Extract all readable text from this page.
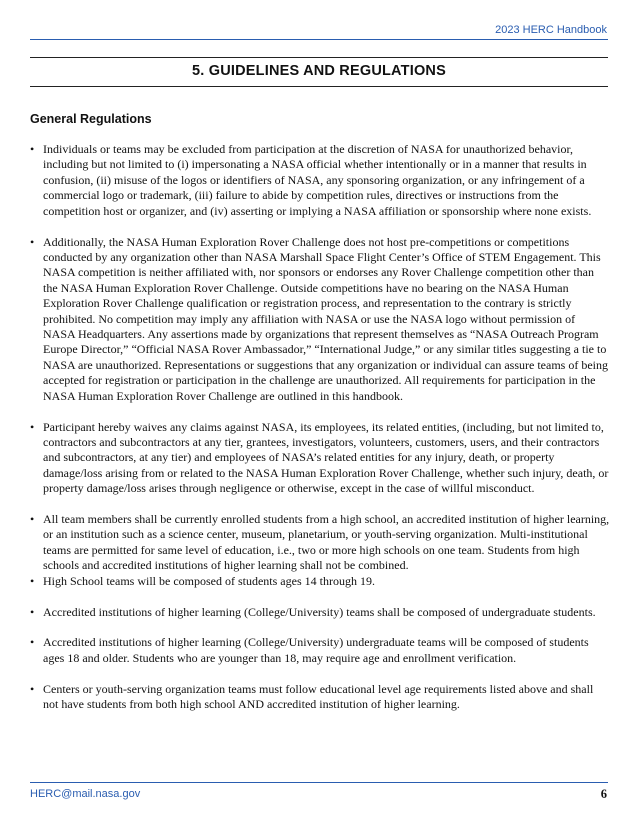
2023 HERC Handbook
5. GUIDELINES AND REGULATIONS
General Regulations
• Individuals or teams may be excluded from participation at the discretion of NASA for unauthorized behavior, including but not limited to (i) impersonating a NASA official whether intentionally or in a manner that results in confusion, (ii) misuse of the logos or identifiers of NASA, any sponsoring organization, or any infringement of a commercial logo or trademark, (iii) failure to abide by competition rules, directives or instructions from the competition host or organizer, and (iv) asserting or implying a NASA affiliation or sponsorship where none exists.
• Additionally, the NASA Human Exploration Rover Challenge does not host pre-competitions or competitions conducted by any organization other than NASA Marshall Space Flight Center’s Office of STEM Engagement. This NASA competition is neither affiliated with, nor sponsors or endorses any Rover Challenge competition other than the NASA Human Exploration Rover Challenge. Outside competitions have no bearing on the NASA Human Exploration Rover Challenge qualification or registration process, and representation to the contrary is strictly prohibited. No competition may imply any affiliation with NASA or use the NASA logo without permission of NASA Headquarters. Any assertions made by organizations that represent themselves as “NASA Outreach Program Europe Director,” “Official NASA Rover Ambassador,” “International Judge,” or any similar titles suggesting a tie to NASA are unauthorized. Representations or suggestions that any organization or individual can assure teams of being accepted for registration or participation in the challenge are unauthorized. All requirements for participation in the NASA Human Exploration Rover Challenge are outlined in this handbook.
• Participant hereby waives any claims against NASA, its employees, its related entities, (including, but not limited to, contractors and subcontractors at any tier, grantees, investigators, volunteers, customers, users, and their contractors and subcontractors, at any tier) and employees of NASA’s related entities for any injury, death, or property damage/loss arising from or related to the NASA Human Exploration Rover Challenge, whether such injury, death, or property damage/loss arises through negligence or otherwise, except in the case of willful misconduct.
• All team members shall be currently enrolled students from a high school, an accredited institution of higher learning, or an institution such as a science center, museum, planetarium, or youth-serving organization. Multi-institutional teams are permitted for same level of education, i.e., two or more high schools on one team. Students from high schools and accredited institutions of higher learning shall not be combined.
• High School teams will be composed of students ages 14 through 19.
• Accredited institutions of higher learning (College/University) teams shall be composed of undergraduate students.
• Accredited institutions of higher learning (College/University) undergraduate teams will be composed of students ages 18 and older. Students who are younger than 18, may require age and enrollment verification.
• Centers or youth-serving organization teams must follow educational level age requirements listed above and shall not have students from both high school AND accredited institution of higher learning.
HERC@mail.nasa.gov	6
